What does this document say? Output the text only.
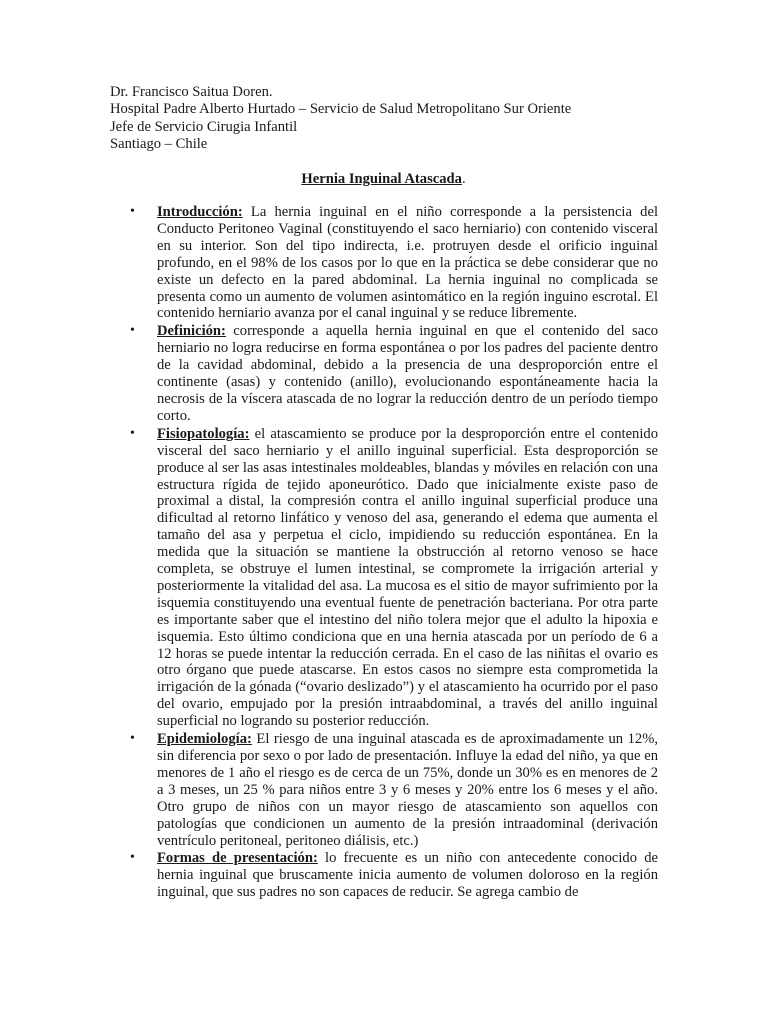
Dr. Francisco Saitua Doren.
Hospital Padre Alberto Hurtado – Servicio de Salud Metropolitano Sur Oriente
Jefe de Servicio Cirugia Infantil
Santiago – Chile
Hernia Inguinal Atascada.
• Introducción: La hernia inguinal en el niño corresponde a la persistencia del Conducto Peritoneo Vaginal (constituyendo el saco herniario) con contenido visceral en su interior. Son del tipo indirecta, i.e. protruyen desde el orificio inguinal profundo, en el 98% de los casos por lo que en la práctica se debe considerar que no existe un defecto en la pared abdominal. La hernia inguinal no complicada se presenta como un aumento de volumen asintomático en la región inguino escrotal. El contenido herniario avanza por el canal inguinal y se reduce libremente.
• Definición: corresponde a aquella hernia inguinal en que el contenido del saco herniario no logra reducirse en forma espontánea o por los padres del paciente dentro de la cavidad abdominal, debido a la presencia de una desproporción entre el continente (asas) y contenido (anillo), evolucionando espontáneamente hacia la necrosis de la víscera atascada de no lograr la reducción dentro de un período tiempo corto.
• Fisiopatología: el atascamiento se produce por la desproporción entre el contenido visceral del saco herniario y el anillo inguinal superficial. Esta desproporción se produce al ser las asas intestinales moldeables, blandas y móviles en relación con una estructura rígida de tejido aponeurótico. Dado que inicialmente existe paso de proximal a distal, la compresión contra el anillo inguinal superficial produce una dificultad al retorno linfático y venoso del asa, generando el edema que aumenta el tamaño del asa y perpetua el ciclo, impidiendo su reducción espontánea. En la medida que la situación se mantiene la obstrucción al retorno venoso se hace completa, se obstruye el lumen intestinal, se compromete la irrigación arterial y posteriormente la vitalidad del asa. La mucosa es el sitio de mayor sufrimiento por la isquemia constituyendo una eventual fuente de penetración bacteriana. Por otra parte es importante saber que el intestino del niño tolera mejor que el adulto la hipoxia e isquemia. Esto último condiciona que en una hernia atascada por un período de 6 a 12 horas se puede intentar la reducción cerrada. En el caso de las niñitas el ovario es otro órgano que puede atascarse. En estos casos no siempre esta comprometida la irrigación de la gónada (“ovario deslizado”) y el atascamiento ha ocurrido por el paso del ovario, empujado por la presión intraabdominal, a través del anillo inguinal superficial no logrando su posterior reducción.
• Epidemiología: El riesgo de una inguinal atascada es de aproximadamente un 12%, sin diferencia por sexo o por lado de presentación. Influye la edad del niño, ya que en menores de 1 año el riesgo es de cerca de un 75%, donde un 30% es en menores de 2 a 3 meses, un 25 % para niños entre 3 y 6 meses y 20% entre los 6 meses y el año. Otro grupo de niños con un mayor riesgo de atascamiento son aquellos con patologías que condicionen un aumento de la presión intraadominal (derivación ventrículo peritoneal, peritoneo diálisis, etc.)
• Formas de presentación: lo frecuente es un niño con antecedente conocido de hernia inguinal que bruscamente inicia aumento de volumen doloroso en la región inguinal, que sus padres no son capaces de reducir. Se agrega cambio de
